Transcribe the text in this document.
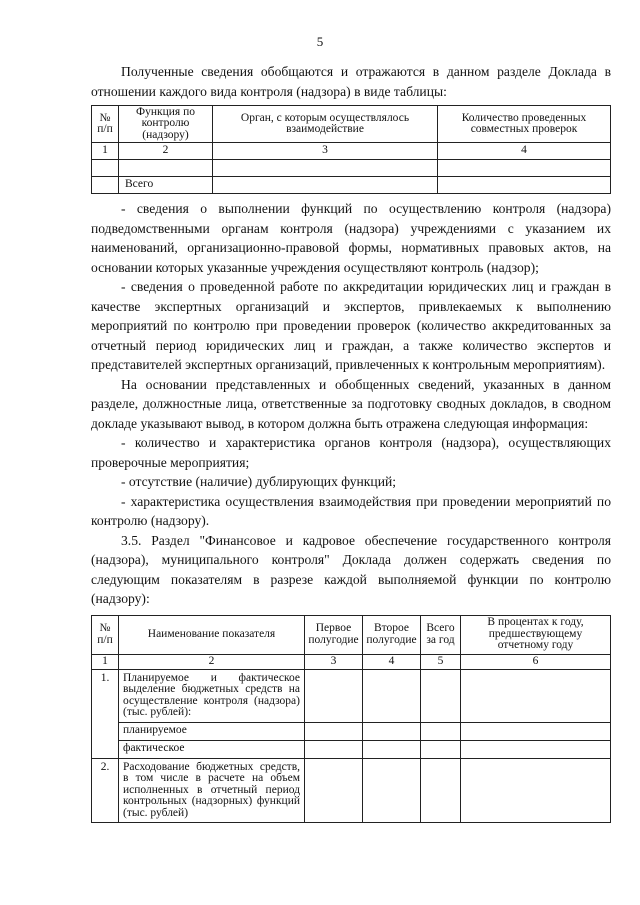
5

Полученные сведения обобщаются и отражаются в данном разделе Доклада в отношении каждого вида контроля (надзора) в виде таблицы:

№ п/п	Функция по контролю (надзору)	Орган, с которым осуществлялось взаимодействие	Количество проведенных совместных проверок
1	2	3	4

	Всего		

- сведения о выполнении функций по осуществлению контроля (надзора) подведомственными органам контроля (надзора) учреждениями с указанием их наименований, организационно-правовой формы, нормативных правовых актов, на основании которых указанные учреждения осуществляют контроль (надзор);

- сведения о проведенной работе по аккредитации юридических лиц и граждан в качестве экспертных организаций и экспертов, привлекаемых к выполнению мероприятий по контролю при проведении проверок (количество аккредитованных за отчетный период юридических лиц и граждан, а также количество экспертов и представителей экспертных организаций, привлеченных к контрольным мероприятиям).

На основании представленных и обобщенных сведений, указанных в данном разделе, должностные лица, ответственные за подготовку сводных докладов, в сводном докладе указывают вывод, в котором должна быть отражена следующая информация:

- количество и характеристика органов контроля (надзора), осуществляющих проверочные мероприятия;

- отсутствие (наличие) дублирующих функций;

- характеристика осуществления взаимодействия при проведении мероприятий по контролю (надзору).

3.5. Раздел "Финансовое и кадровое обеспечение государственного контроля (надзора), муниципального контроля" Доклада должен содержать сведения по следующим показателям в разрезе каждой выполняемой функции по контролю (надзору):

№ п/п	Наименование показателя	Первое полугодие	Второе полугодие	Всего за год	В процентах к году, предшествующему отчетному году
1	2	3	4	5	6
1.	Планируемое и фактическое выделение бюджетных средств на осуществление контроля (надзора) (тыс. рублей):				
	планируемое				
	фактическое				
2.	Расходование бюджетных средств, в том числе в расчете на объем исполненных в отчетный период контрольных (надзорных) функций (тыс. рублей)				
